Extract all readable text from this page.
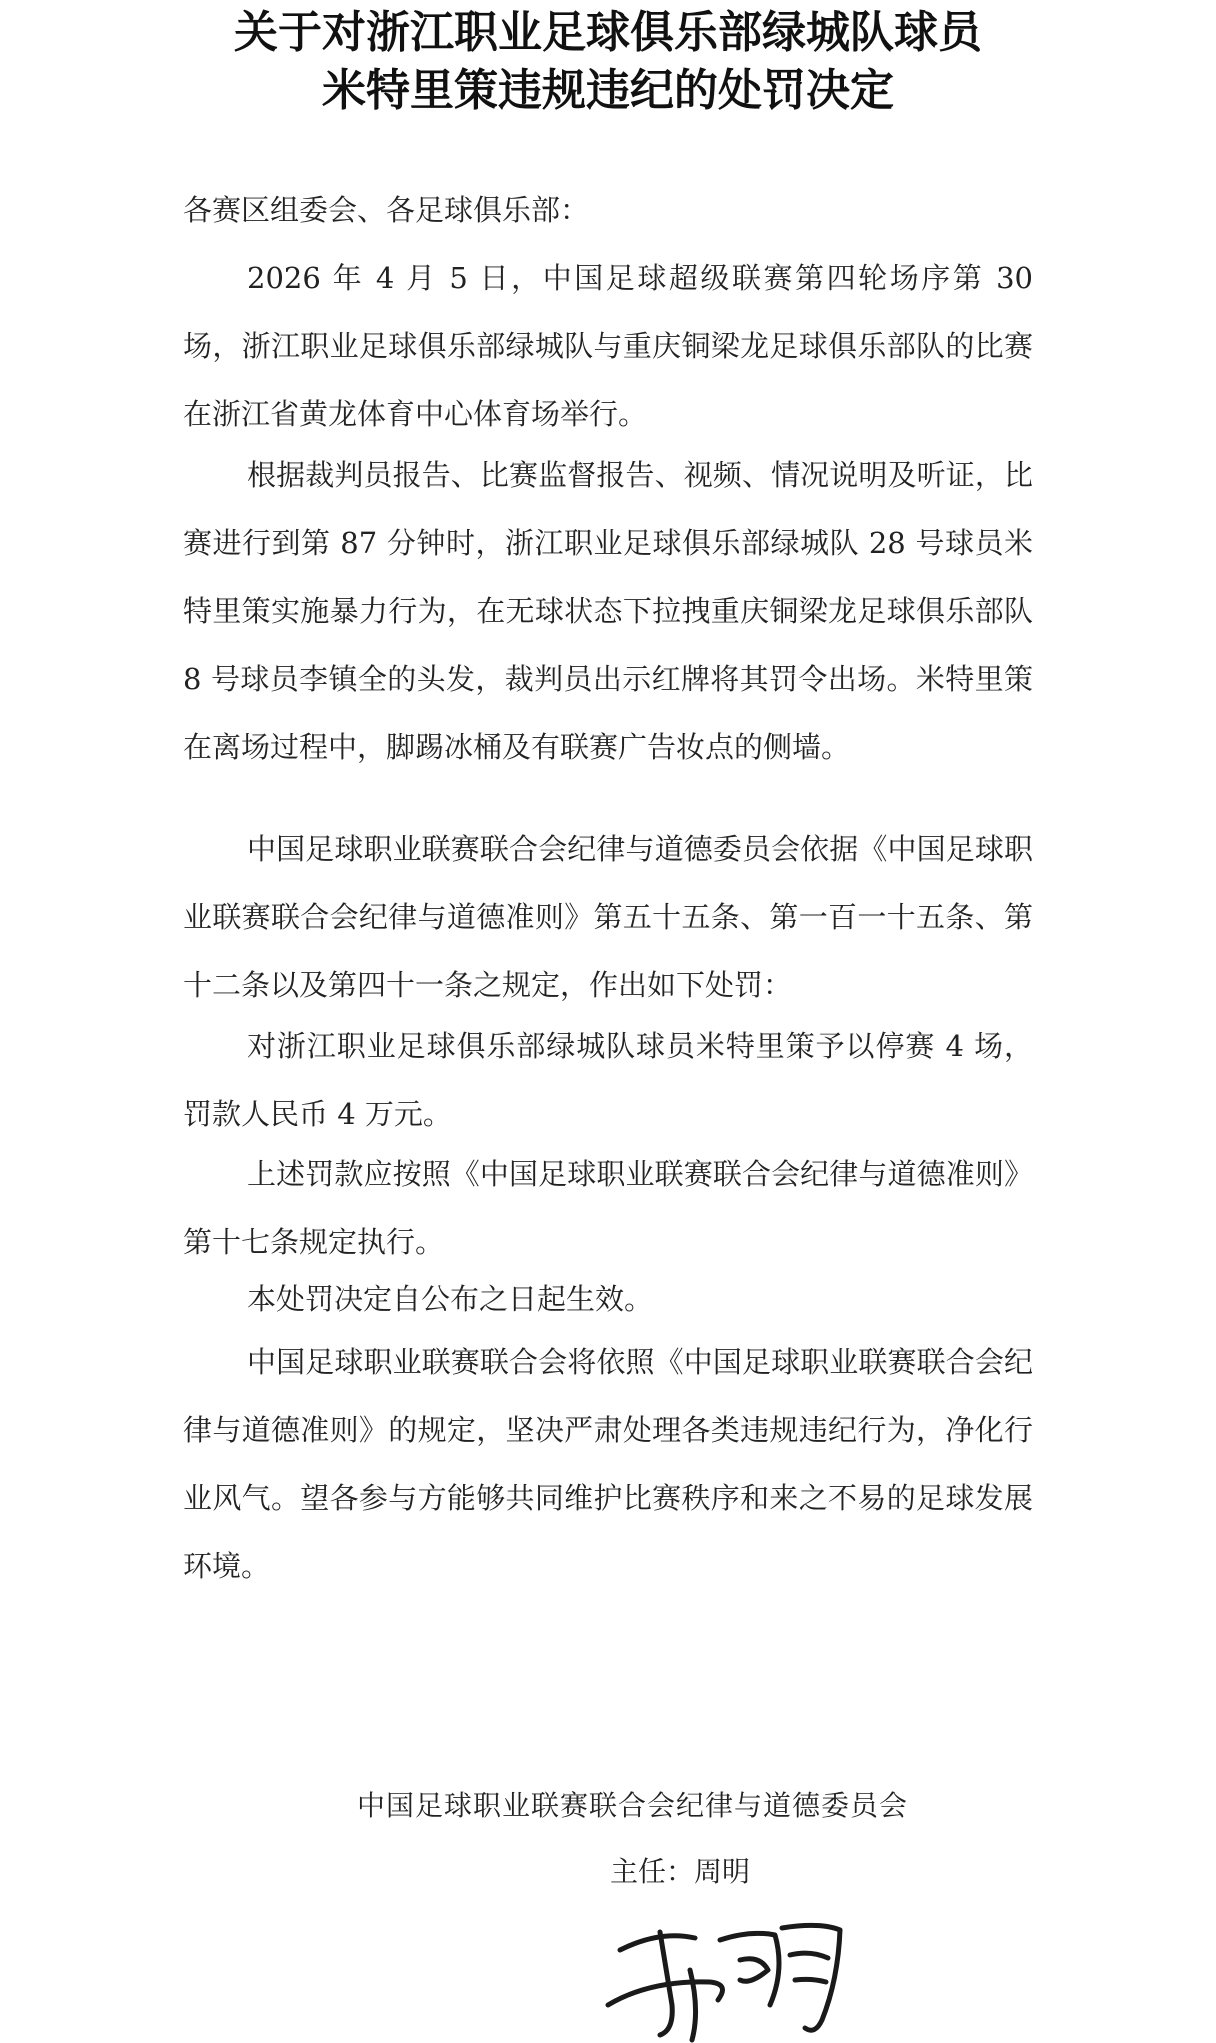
关于对浙江职业足球俱乐部绿城队球员
米特里策违规违纪的处罚决定
各赛区组委会、各足球俱乐部：

2026 年 4 月 5 日，中国足球超级联赛第四轮场序第 30 场，浙江职业足球俱乐部绿城队与重庆铜梁龙足球俱乐部队的比赛在浙江省黄龙体育中心体育场举行。

根据裁判员报告、比赛监督报告、视频、情况说明及听证，比赛进行到第 87 分钟时，浙江职业足球俱乐部绿城队 28 号球员米特里策实施暴力行为，在无球状态下拉拽重庆铜梁龙足球俱乐部队 8 号球员李镇全的头发，裁判员出示红牌将其罚令出场。米特里策在离场过程中，脚踢冰桶及有联赛广告妆点的侧墙。

中国足球职业联赛联合会纪律与道德委员会依据《中国足球职业联赛联合会纪律与道德准则》第五十五条、第一百一十五条、第十二条以及第四十一条之规定，作出如下处罚：

对浙江职业足球俱乐部绿城队球员米特里策予以停赛 4 场，罚款人民币 4 万元。

上述罚款应按照《中国足球职业联赛联合会纪律与道德准则》第十七条规定执行。

本处罚决定自公布之日起生效。

中国足球职业联赛联合会将依照《中国足球职业联赛联合会纪律与道德准则》的规定，坚决严肃处理各类违规违纪行为，净化行业风气。望各参与方能够共同维护比赛秩序和来之不易的足球发展环境。

中国足球职业联赛联合会纪律与道德委员会
主任：周明
